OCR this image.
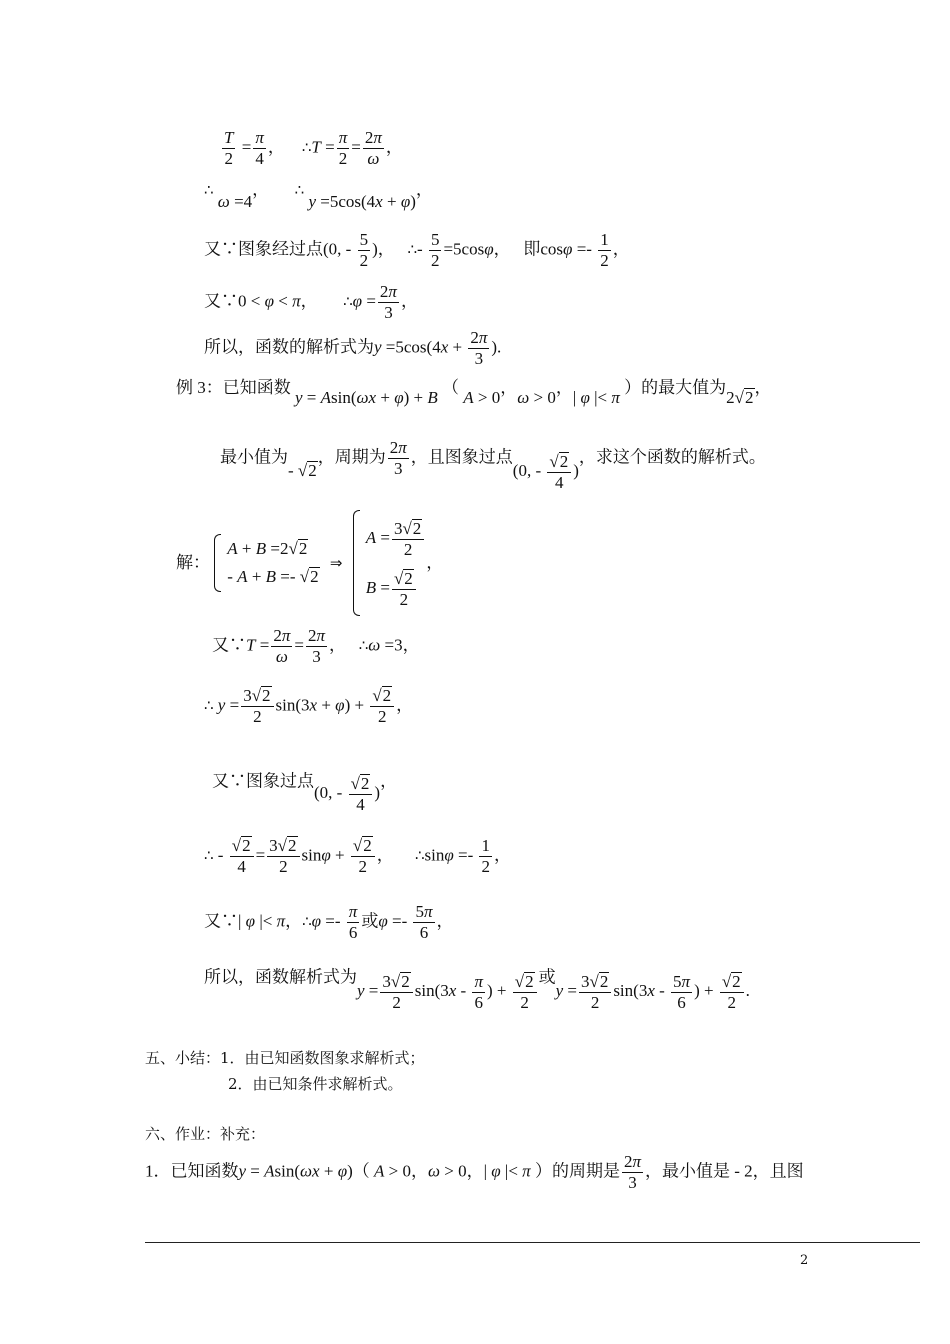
$\frac{T}{2} = \frac{\pi}{4}$ ，    ∴T = $\frac{\pi}{2} = \frac{2\pi}{\omega}$ ，
∴ ω =4，      ∴ y =5cos(4x + φ)，
又∵图象经过点(0, - $\frac{5}{2}$ )，   ∴- $\frac{5}{2} =5\cos\varphi$，   即$\cos\varphi =- \frac{1}{2}$ ，
又∵0 < φ < π，      ∴φ = $\frac{2\pi}{3}$ ，
所以，函数的解析式为$y =5\cos(4x + \frac{2\pi}{3}$ ).
例 3：已知函数 y = Asin(ωx + φ) + B （ A > 0，ω > 0，| φ |< π ）的最大值为2√2，
最小值为- √2，周期为 $\frac{2\pi}{3}$ ，且图象过点(0, - $\frac{√2}{4}$ )，求这个函数的解析式。
解：
A + B =2√2
- A + B =- √2
⇒
$A = \frac{3√2}{2}$
$B = \frac{√2}{2}$
，
又∵T = $\frac{2\pi}{\omega} = \frac{2\pi}{3}$ ，   ∴ω =3，
∴ $y = \frac{3√2}{2} \sin(3x + \varphi) + \frac{√2}{2}$ ，
又∵图象过点(0, - $\frac{√2}{4}$ )，
∴ - $\frac{√2}{4} = \frac{3√2}{2}$ $\sin\varphi + \frac{√2}{2}$ ，     ∴sinφ =- $\frac{1}{2}$ ，
又∵| φ |< π，∴φ =- $\frac{\pi}{6}$ 或$\varphi =- \frac{5\pi}{6}$ ，
所以，函数解析式为$y = \frac{3√2}{2} \sin(3x - \frac{\pi}{6}$ ) + $\frac{√2}{2}$ 或$y = \frac{3√2}{2} \sin(3x - \frac{5\pi}{6}$ ) + $\frac{√2}{2}$ .
五、小结：1．由已知函数图象求解析式；
2．由已知条件求解析式。
六、作业：补充：
1．已知函数y = Asin(ωx + φ)（ A > 0，ω > 0，| φ |< π ）的周期是 $\frac{2\pi}{3}$ ，最小值是 - 2，且图
2
